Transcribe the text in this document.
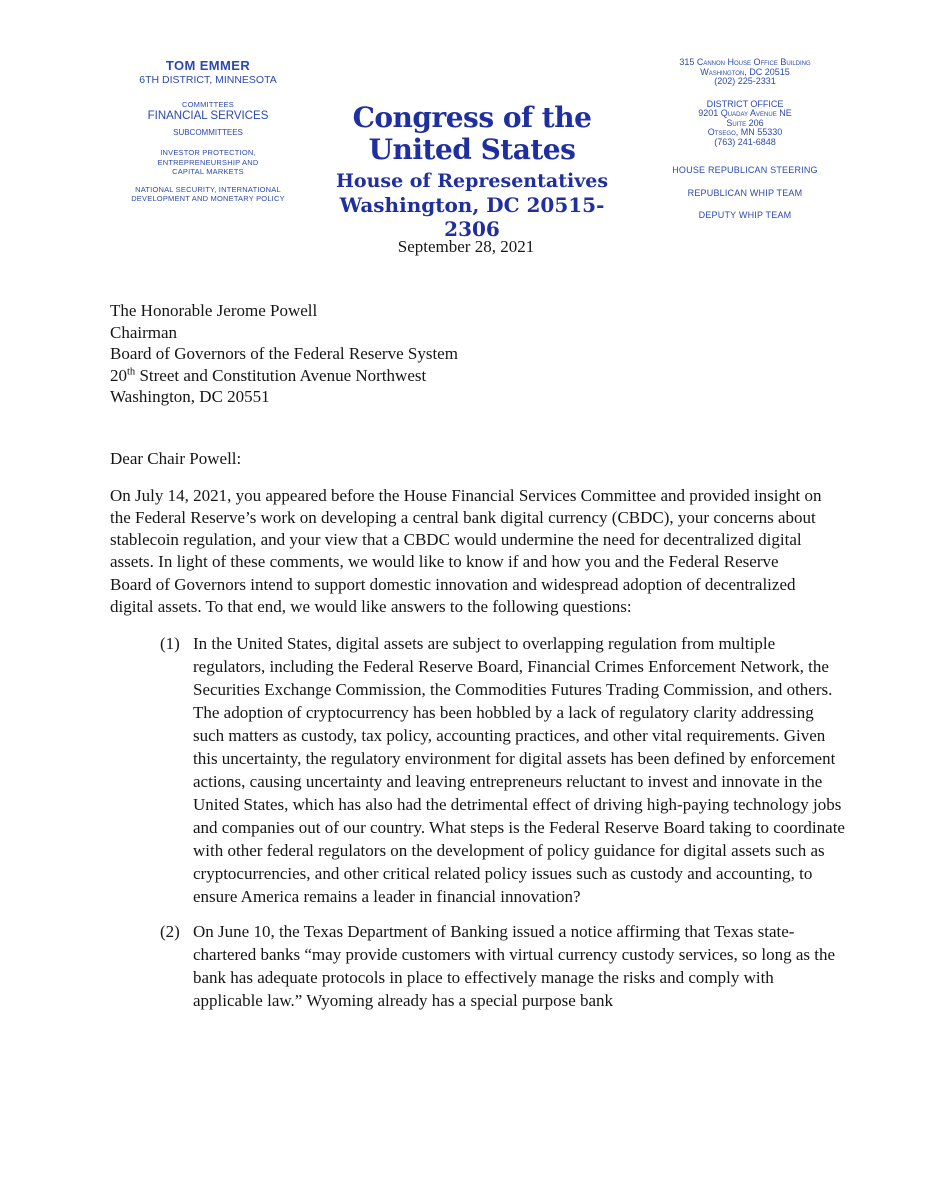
TOM EMMER
6TH DISTRICT, MINNESOTA
COMMITTEES
FINANCIAL SERVICES
SUBCOMMITTEES
INVESTOR PROTECTION,
ENTREPRENEURSHIP AND
CAPITAL MARKETS
NATIONAL SECURITY, INTERNATIONAL
DEVELOPMENT AND MONETARY POLICY
Congress of the United States
House of Representatives
Washington, DC 20515-2306
315 Cannon House Office Building
Washington, DC 20515
(202) 225-2331
DISTRICT OFFICE
9201 Quaday Avenue NE
Suite 206
Otsego, MN 55330
(763) 241-6848
HOUSE REPUBLICAN STEERING
REPUBLICAN WHIP TEAM
DEPUTY WHIP TEAM
September 28, 2021
The Honorable Jerome Powell
Chairman
Board of Governors of the Federal Reserve System
20th Street and Constitution Avenue Northwest
Washington, DC 20551
Dear Chair Powell:

On July 14, 2021, you appeared before the House Financial Services Committee and provided insight on the Federal Reserve’s work on developing a central bank digital currency (CBDC), your concerns about stablecoin regulation, and your view that a CBDC would undermine the need for decentralized digital assets. In light of these comments, we would like to know if and how you and the Federal Reserve Board of Governors intend to support domestic innovation and widespread adoption of decentralized digital assets. To that end, we would like answers to the following questions:

(1) In the United States, digital assets are subject to overlapping regulation from multiple regulators, including the Federal Reserve Board, Financial Crimes Enforcement Network, the Securities Exchange Commission, the Commodities Futures Trading Commission, and others. The adoption of cryptocurrency has been hobbled by a lack of regulatory clarity addressing such matters as custody, tax policy, accounting practices, and other vital requirements. Given this uncertainty, the regulatory environment for digital assets has been defined by enforcement actions, causing uncertainty and leaving entrepreneurs reluctant to invest and innovate in the United States, which has also had the detrimental effect of driving high-paying technology jobs and companies out of our country. What steps is the Federal Reserve Board taking to coordinate with other federal regulators on the development of policy guidance for digital assets such as cryptocurrencies, and other critical related policy issues such as custody and accounting, to ensure America remains a leader in financial innovation?
(2) On June 10, the Texas Department of Banking issued a notice affirming that Texas state-chartered banks “may provide customers with virtual currency custody services, so long as the bank has adequate protocols in place to effectively manage the risks and comply with applicable law.” Wyoming already has a special purpose bank
